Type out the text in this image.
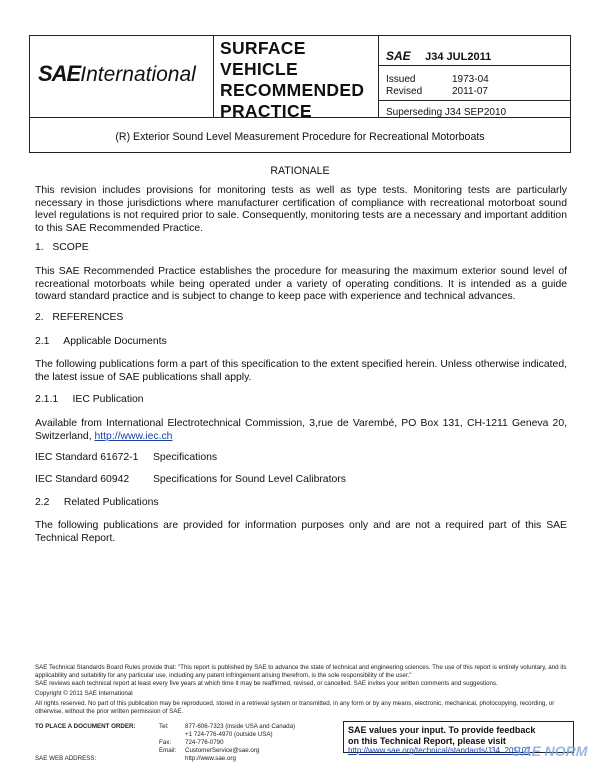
SAEInternational
SURFACE
VEHICLE
RECOMMENDED
PRACTICE
SAE J34 JUL2011
Issued	1973-04
Revised	2011-07
Superseding J34 SEP2010
(R) Exterior Sound Level Measurement Procedure for Recreational Motorboats
RATIONALE

This revision includes provisions for monitoring tests as well as type tests. Monitoring tests are particularly necessary in those jurisdictions where manufacturer certification of compliance with recreational motorboat sound level regulations is not required prior to sale. Consequently, monitoring tests are a necessary and important addition to this SAE Recommended Practice.

1.   SCOPE

This SAE Recommended Practice establishes the procedure for measuring the maximum exterior sound level of recreational motorboats while being operated under a variety of operating conditions. It is intended as a guide toward standard practice and is subject to change to keep pace with experience and technical advances.

2.   REFERENCES
2.1     Applicable Documents

The following publications form a part of this specification to the extent specified herein. Unless otherwise indicated, the latest issue of SAE publications shall apply.

2.1.1     IEC Publication

Available from International Electrotechnical Commission, 3,rue de Varembé, PO Box 131, CH-1211 Geneva 20, Switzerland, http://www.iec.ch

IEC Standard 61672-1 Specifications
IEC Standard 60942 Specifications for Sound Level Calibrators
2.2     Related Publications

The following publications are provided for information purposes only and are not a required part of this SAE Technical Report.

SAE Technical Standards Board Rules provide that: "This report is published by SAE to advance the state of technical and engineering sciences. The use of this report is entirely voluntary, and its applicability and suitability for any particular use, including any patent infringement arising therefrom, is the sole responsibility of the user."
SAE reviews each technical report at least every five years at which time it may be reaffirmed, revised, or cancelled. SAE invites your written comments and suggestions.
Copyright © 2011 SAE International
All rights reserved. No part of this publication may be reproduced, stored in a retrieval system or transmitted, in any form or by any means, electronic, mechanical, photocopying, recording, or otherwise, without the prior written permission of SAE.
TO PLACE A DOCUMENT ORDER:	Tel:	877-606-7323 (inside USA and Canada)
+1 724-776-4970 (outside USA)
Fax: 724-776-0790
Email: CustomerService@sae.org
SAE WEB ADDRESS:	http://www.sae.org
SAE values your input. To provide feedback
on this Technical Report, please visit
http://www.sae.org/technical/standards/J34_201107
SAE NORM
